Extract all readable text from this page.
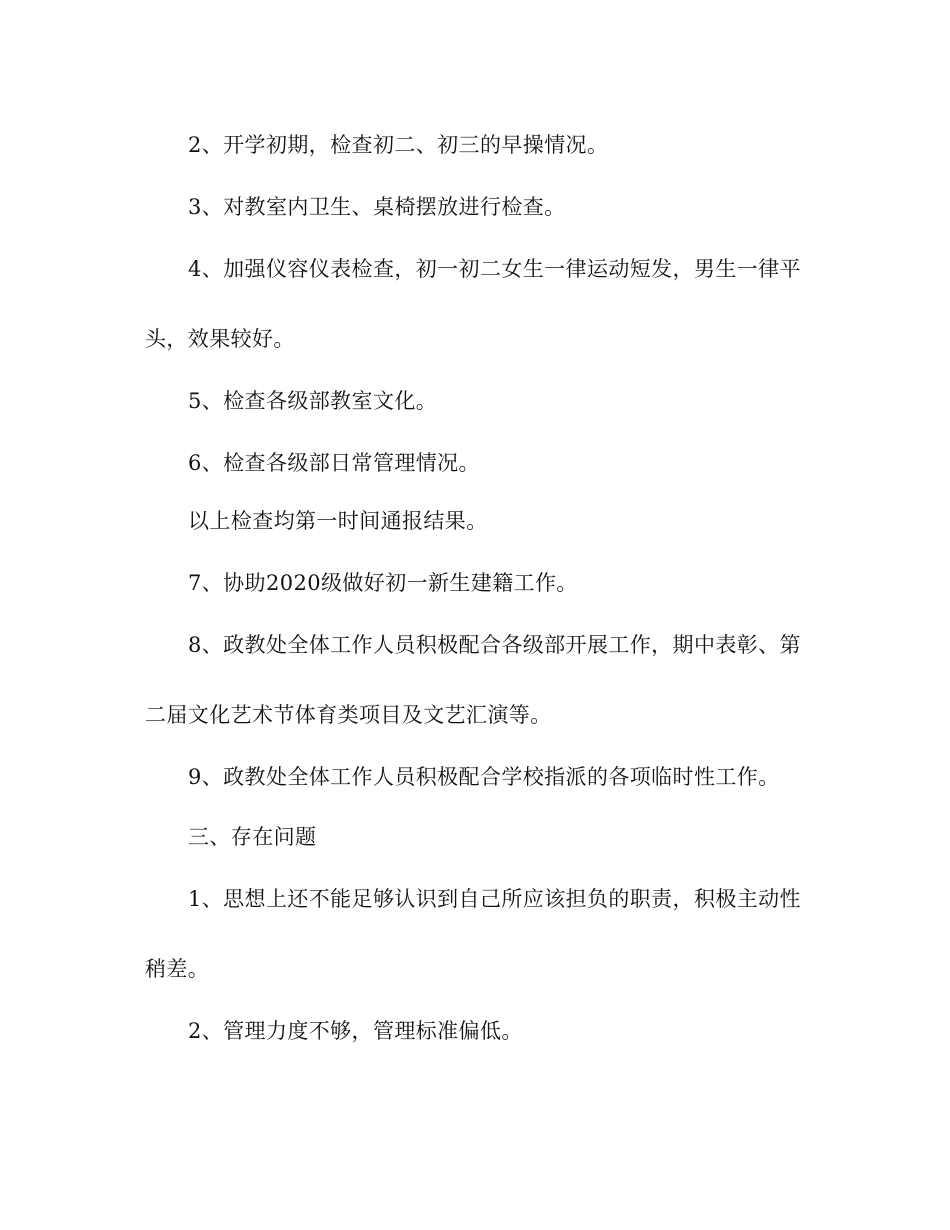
2、开学初期，检查初二、初三的早操情况。
3、对教室内卫生、桌椅摆放进行检查。
4、加强仪容仪表检查，初一初二女生一律运动短发，男生一律平
头，效果较好。
5、检查各级部教室文化。
6、检查各级部日常管理情况。
以上检查均第一时间通报结果。
7、协助2020级做好初一新生建籍工作。
8、政教处全体工作人员积极配合各级部开展工作，期中表彰、第
二届文化艺术节体育类项目及文艺汇演等。
9、政教处全体工作人员积极配合学校指派的各项临时性工作。
三、存在问题
1、思想上还不能足够认识到自己所应该担负的职责，积极主动性
稍差。
2、管理力度不够，管理标准偏低。
